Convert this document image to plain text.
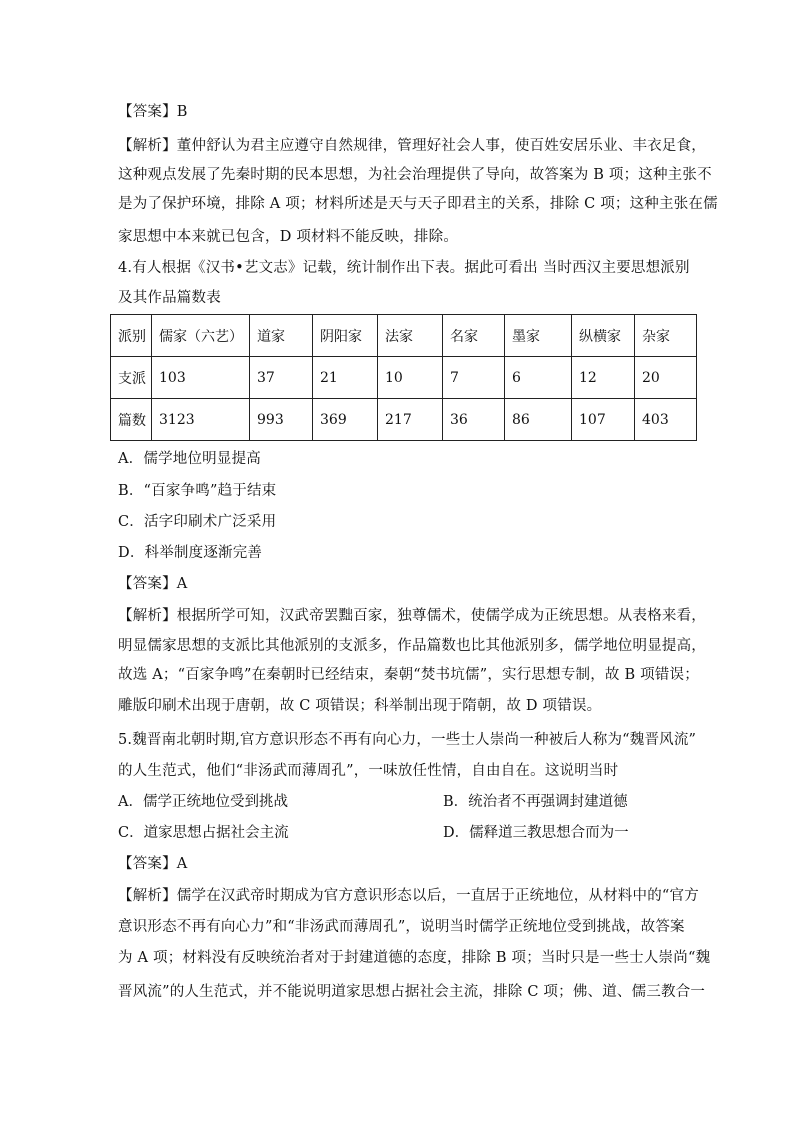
【答案】B
【解析】董仲舒认为君主应遵守自然规律，管理好社会人事，使百姓安居乐业、丰衣足食，
这种观点发展了先秦时期的民本思想，为社会治理提供了导向，故答案为 B 项；这种主张不
是为了保护环境，排除 A 项；材料所述是天与天子即君主的关系，排除 C 项；这种主张在儒
家思想中本来就已包含，D 项材料不能反映，排除。
4.有人根据《汉书•艺文志》记载，统计制作出下表。据此可看出 当时西汉主要思想派别
及其作品篇数表
派别	儒家（六艺）	道家	阴阳家	法家	名家	墨家	纵横家	杂家
支派	103	37	21	10	7	6	12	20
篇数	3123	993	369	217	36	86	107	403
A．儒学地位明显提高
B．“百家争鸣”趋于结束
C．活字印刷术广泛采用
D．科举制度逐渐完善
【答案】A
【解析】根据所学可知，汉武帝罢黜百家，独尊儒术，使儒学成为正统思想。从表格来看，
明显儒家思想的支派比其他派别的支派多，作品篇数也比其他派别多，儒学地位明显提高，
故选 A；“百家争鸣”在秦朝时已经结束，秦朝“焚书坑儒”，实行思想专制，故 B 项错误；
雕版印刷术出现于唐朝，故 C 项错误；科举制出现于隋朝，故 D 项错误。
5.魏晋南北朝时期,官方意识形态不再有向心力，一些士人崇尚一种被后人称为“魏晋风流”
的人生范式，他们“非汤武而薄周孔”，一味放任性情，自由自在。这说明当时
A．儒学正统地位受到挑战	B．统治者不再强调封建道德
C．道家思想占据社会主流	D．儒释道三教思想合而为一
【答案】A
【解析】儒学在汉武帝时期成为官方意识形态以后，一直居于正统地位，从材料中的“官方
意识形态不再有向心力”和“非汤武而薄周孔”，说明当时儒学正统地位受到挑战，故答案
为 A 项；材料没有反映统治者对于封建道德的态度，排除 B 项；当时只是一些士人崇尚“魏
晋风流”的人生范式，并不能说明道家思想占据社会主流，排除 C 项；佛、道、儒三教合一
